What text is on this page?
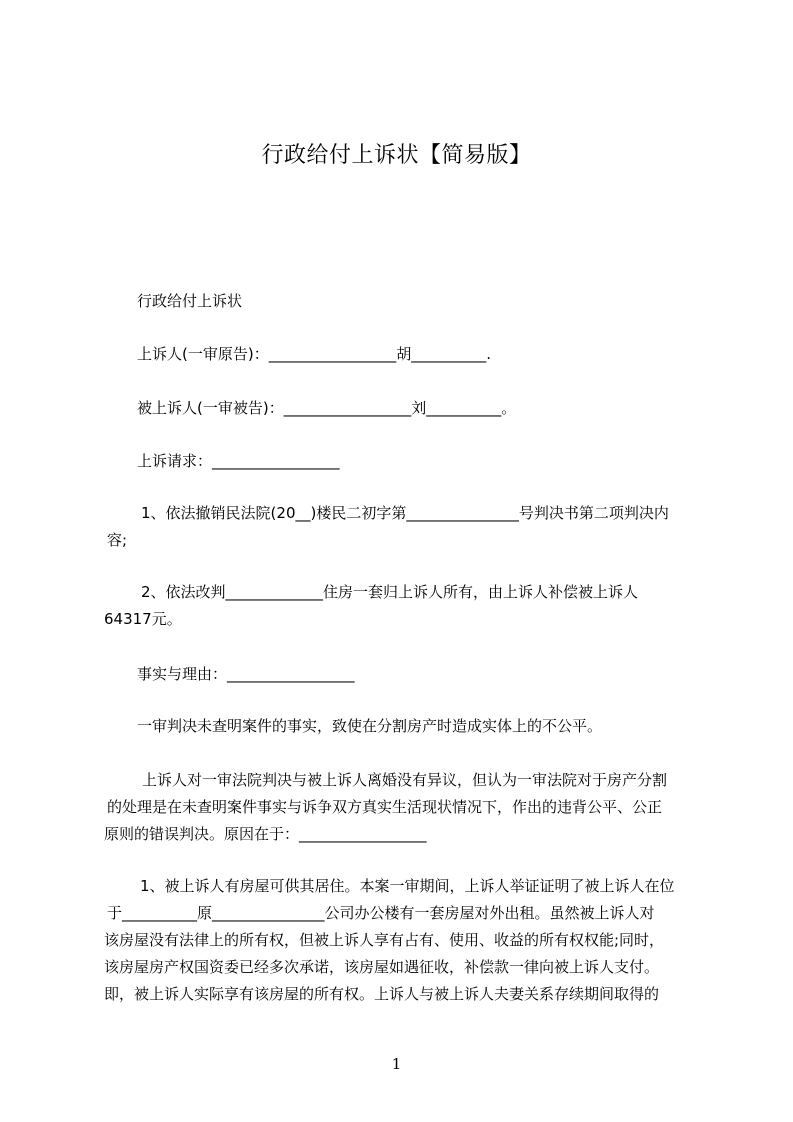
行政给付上诉状【简易版】
行政给付上诉状
上诉人(一审原告)：_________________胡__________.
被上诉人(一审被告)：_________________刘__________。
上诉请求：_________________
1、依法撤销民法院(20__)楼民二初字第_______________号判决书第二项判决内
容;
2、依法改判_____________住房一套归上诉人所有，由上诉人补偿被上诉人
64317元。
事实与理由：_________________
一审判决未查明案件的事实，致使在分割房产时造成实体上的不公平。
上诉人对一审法院判决与被上诉人离婚没有异议，但认为一审法院对于房产分割
的处理是在未查明案件事实与诉争双方真实生活现状情况下，作出的违背公平、公正
原则的错误判决。原因在于：_________________
1、被上诉人有房屋可供其居住。本案一审期间，上诉人举证证明了被上诉人在位
于__________原_______________公司办公楼有一套房屋对外出租。虽然被上诉人对
该房屋没有法律上的所有权，但被上诉人享有占有、使用、收益的所有权权能;同时，
该房屋房产权国资委已经多次承诺，该房屋如遇征收，补偿款一律向被上诉人支付。
即，被上诉人实际享有该房屋的所有权。上诉人与被上诉人夫妻关系存续期间取得的
1
